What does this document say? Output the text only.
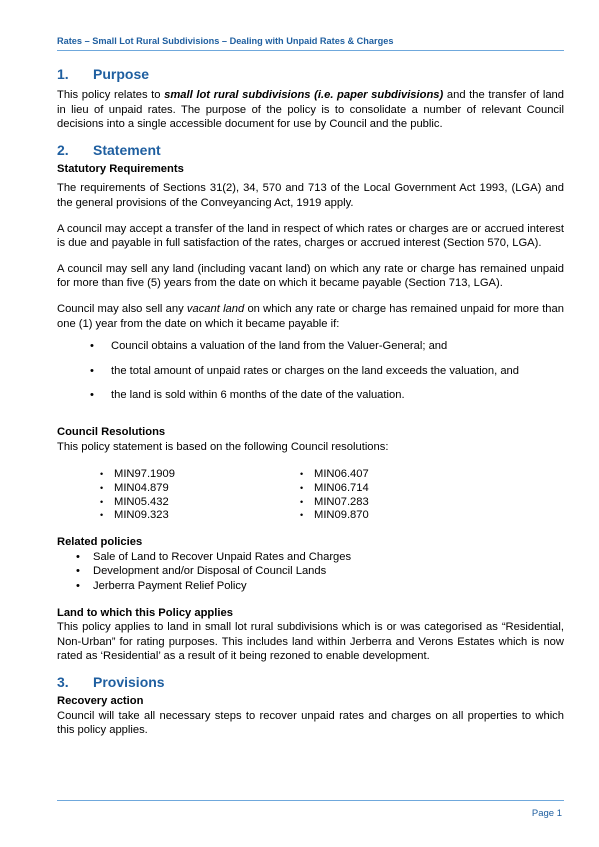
Rates – Small Lot Rural Subdivisions – Dealing with Unpaid Rates & Charges
1. Purpose

This policy relates to small lot rural subdivisions (i.e. paper subdivisions) and the transfer of land in lieu of unpaid rates. The purpose of the policy is to consolidate a number of relevant Council decisions into a single accessible document for use by Council and the public.

2. Statement

Statutory Requirements

The requirements of Sections 31(2), 34, 570 and 713 of the Local Government Act 1993, (LGA) and the general provisions of the Conveyancing Act, 1919 apply.

A council may accept a transfer of the land in respect of which rates or charges are or accrued interest is due and payable in full satisfaction of the rates, charges or accrued interest (Section 570, LGA).

A council may sell any land (including vacant land) on which any rate or charge has remained unpaid for more than five (5) years from the date on which it became payable (Section 713, LGA).

Council may also sell any vacant land on which any rate or charge has remained unpaid for more than one (1) year from the date on which it became payable if:

• Council obtains a valuation of the land from the Valuer-General; and
• the total amount of unpaid rates or charges on the land exceeds the valuation, and
• the land is sold within 6 months of the date of the valuation.

Council Resolutions

This policy statement is based on the following Council resolutions:

• MIN97.1909
• MIN04.879
• MIN05.432
• MIN09.323
• MIN06.407
• MIN06.714
• MIN07.283
• MIN09.870

Related policies

• Sale of Land to Recover Unpaid Rates and Charges
• Development and/or Disposal of Council Lands
• Jerberra Payment Relief Policy

Land to which this Policy applies

This policy applies to land in small lot rural subdivisions which is or was categorised as “Residential, Non-Urban” for rating purposes. This includes land within Jerberra and Verons Estates which is now rated as ‘Residential’ as a result of it being rezoned to enable development.

3. Provisions

Recovery action

Council will take all necessary steps to recover unpaid rates and charges on all properties to which this policy applies.

Page 1
